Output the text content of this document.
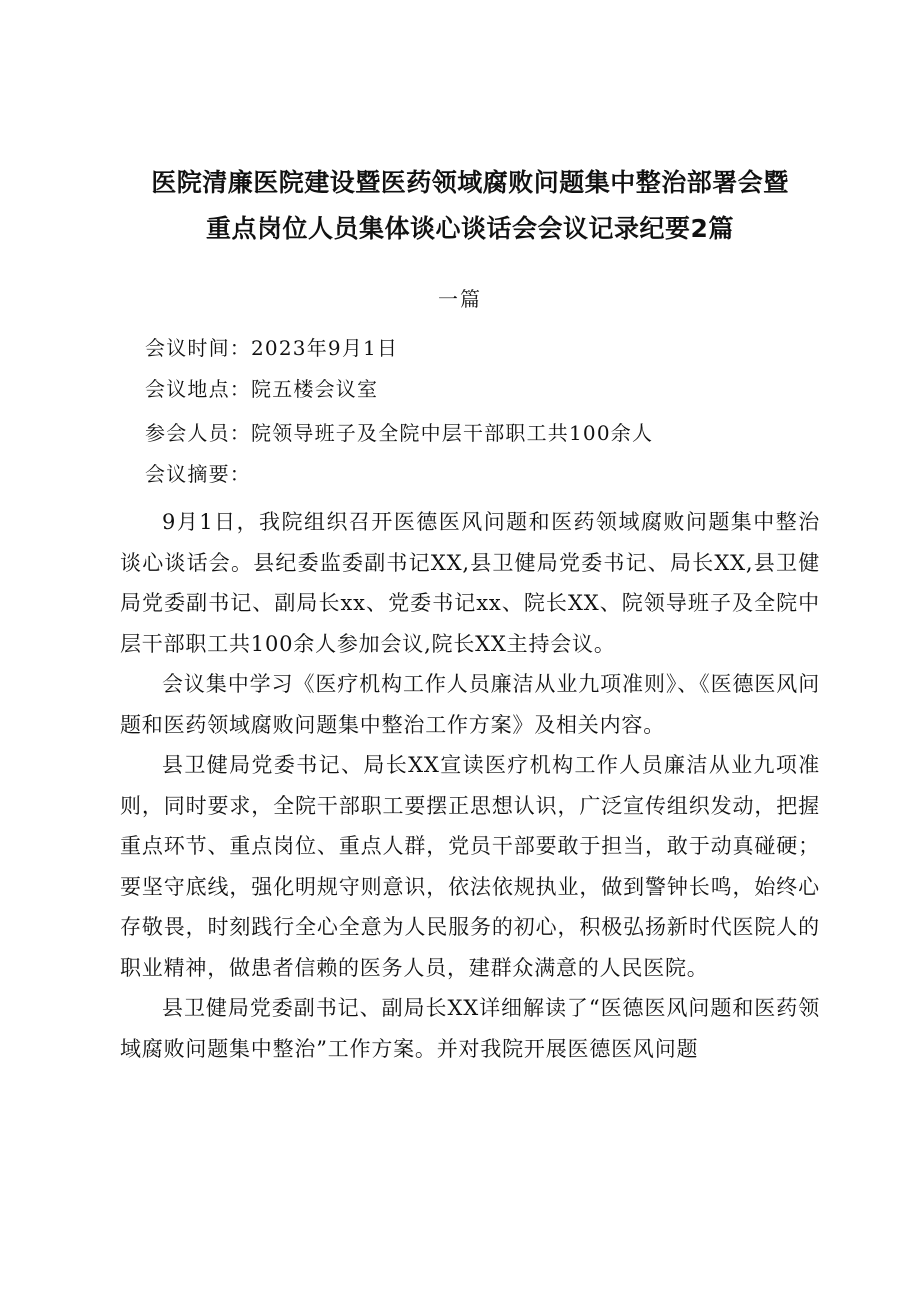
医院清廉医院建设暨医药领域腐败问题集中整治部署会暨
重点岗位人员集体谈心谈话会会议记录纪要2篇
一篇
会议时间：2023年9月1日
会议地点：院五楼会议室
参会人员：院领导班子及全院中层干部职工共100余人
会议摘要：

9月1日，我院组织召开医德医风问题和医药领域腐败问题集中整治谈心谈话会。县纪委监委副书记XX,县卫健局党委书记、局长XX,县卫健局党委副书记、副局长xx、党委书记xx、院长XX、院领导班子及全院中层干部职工共100余人参加会议,院长XX主持会议。

会议集中学习《医疗机构工作人员廉洁从业九项准则》、《医德医风问题和医药领域腐败问题集中整治工作方案》及相关内容。

县卫健局党委书记、局长XX宣读医疗机构工作人员廉洁从业九项准则，同时要求，全院干部职工要摆正思想认识，广泛宣传组织发动，把握重点环节、重点岗位、重点人群，党员干部要敢于担当，敢于动真碰硬；要坚守底线，强化明规守则意识，依法依规执业，做到警钟长鸣，始终心存敬畏，时刻践行全心全意为人民服务的初心，积极弘扬新时代医院人的职业精神，做患者信赖的医务人员，建群众满意的人民医院。

县卫健局党委副书记、副局长XX详细解读了“医德医风问题和医药领域腐败问题集中整治”工作方案。并对我院开展医德医风问题
